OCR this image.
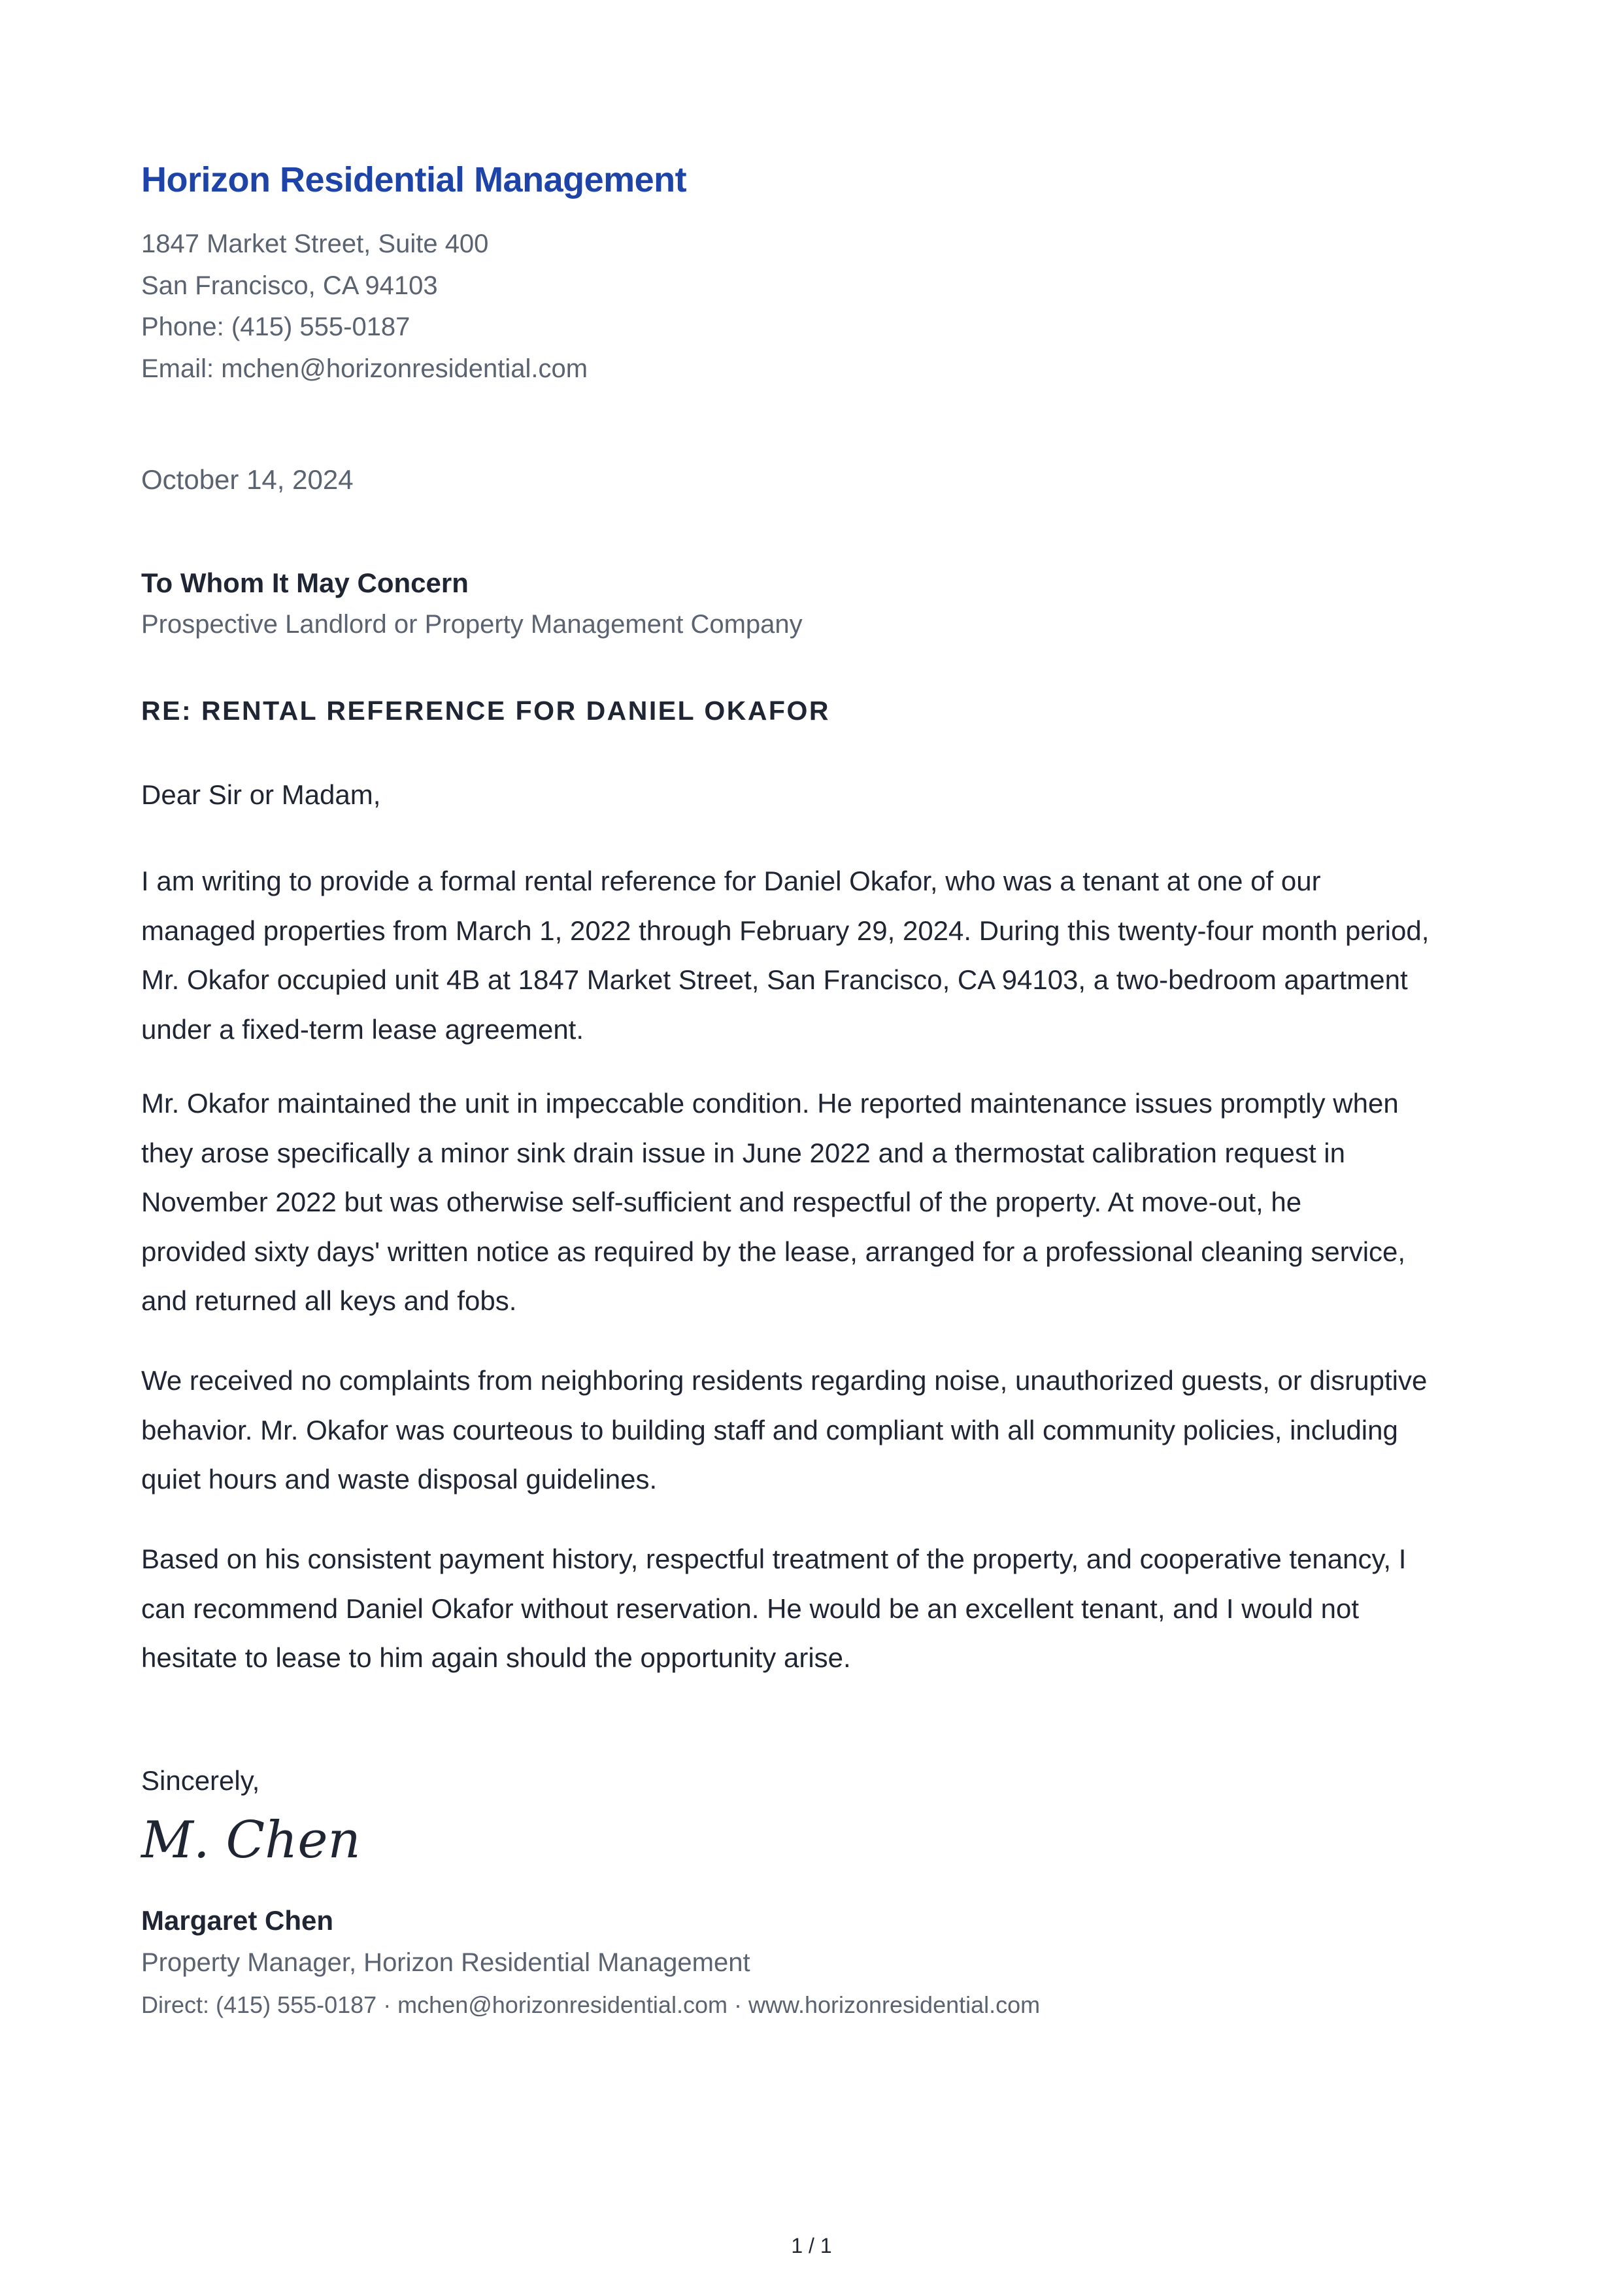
Horizon Residential Management
1847 Market Street, Suite 400
San Francisco, CA 94103
Phone: (415) 555-0187
Email: mchen@horizonresidential.com
October 14, 2024
To Whom It May Concern
Prospective Landlord or Property Management Company
RE: RENTAL REFERENCE FOR DANIEL OKAFOR
Dear Sir or Madam,
I am writing to provide a formal rental reference for Daniel Okafor, who was a tenant at one of our
managed properties from March 1, 2022 through February 29, 2024. During this twenty-four month period,
Mr. Okafor occupied unit 4B at 1847 Market Street, San Francisco, CA 94103, a two-bedroom apartment
under a fixed-term lease agreement.
Mr. Okafor maintained the unit in impeccable condition. He reported maintenance issues promptly when
they arose specifically a minor sink drain issue in June 2022 and a thermostat calibration request in
November 2022 but was otherwise self-sufficient and respectful of the property. At move-out, he
provided sixty days' written notice as required by the lease, arranged for a professional cleaning service,
and returned all keys and fobs.
We received no complaints from neighboring residents regarding noise, unauthorized guests, or disruptive
behavior. Mr. Okafor was courteous to building staff and compliant with all community policies, including
quiet hours and waste disposal guidelines.
Based on his consistent payment history, respectful treatment of the property, and cooperative tenancy, I
can recommend Daniel Okafor without reservation. He would be an excellent tenant, and I would not
hesitate to lease to him again should the opportunity arise.
Sincerely,
M. Chen
Margaret Chen
Property Manager, Horizon Residential Management
Direct: (415) 555-0187 · mchen@horizonresidential.com · www.horizonresidential.com
1 / 1
